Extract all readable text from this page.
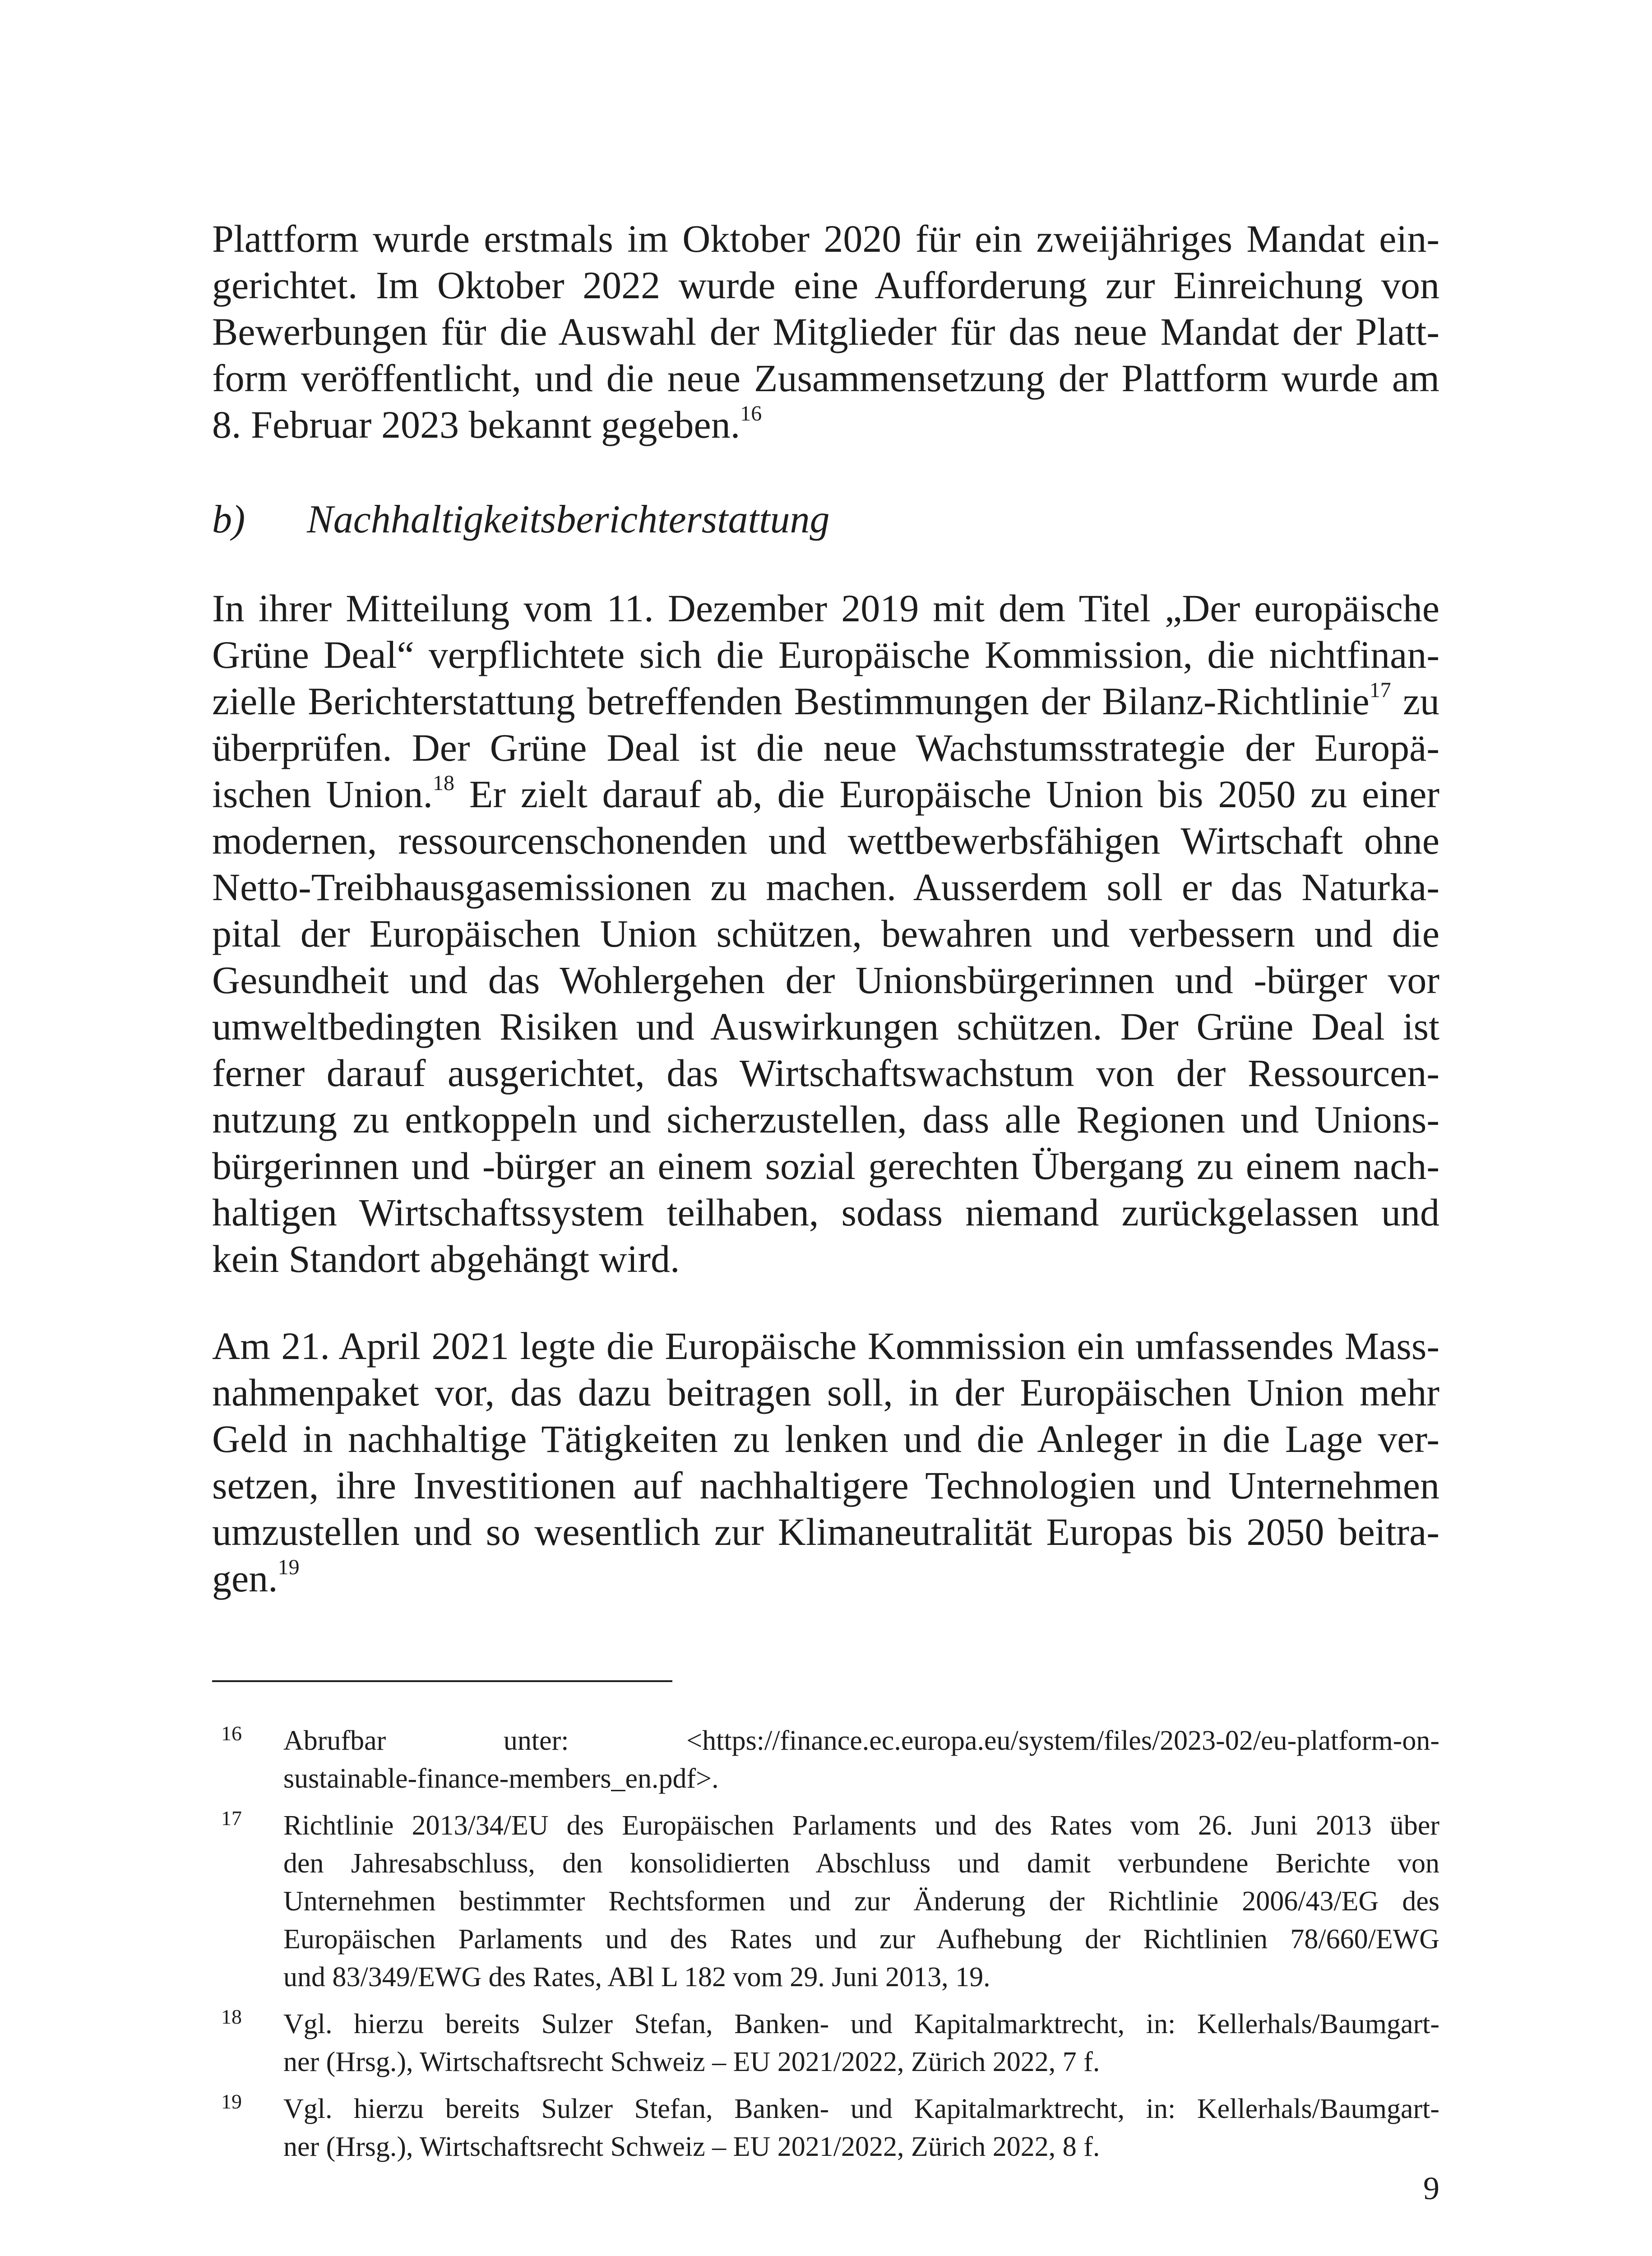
Plattform wurde erstmals im Oktober 2020 für ein zweijähriges Mandat ein-
gerichtet. Im Oktober 2022 wurde eine Aufforderung zur Einreichung von
Bewerbungen für die Auswahl der Mitglieder für das neue Mandat der Platt-
form veröffentlicht, und die neue Zusammensetzung der Plattform wurde am
8. Februar 2023 bekannt gegeben.$^{16}$
b) Nachhaltigkeitsberichterstattung
In ihrer Mitteilung vom 11. Dezember 2019 mit dem Titel „Der europäische
Grüne Deal“ verpflichtete sich die Europäische Kommission, die nichtfinan-
zielle Berichterstattung betreffenden Bestimmungen der Bilanz-Richtlinie$^{17}$ zu
überprüfen. Der Grüne Deal ist die neue Wachstumsstrategie der Europä-
ischen Union.$^{18}$ Er zielt darauf ab, die Europäische Union bis 2050 zu einer
modernen, ressourcenschonenden und wettbewerbsfähigen Wirtschaft ohne
Netto-Treibhausgasemissionen zu machen. Ausserdem soll er das Naturka-
pital der Europäischen Union schützen, bewahren und verbessern und die
Gesundheit und das Wohlergehen der Unionsbürgerinnen und -bürger vor
umweltbedingten Risiken und Auswirkungen schützen. Der Grüne Deal ist
ferner darauf ausgerichtet, das Wirtschaftswachstum von der Ressourcen-
nutzung zu entkoppeln und sicherzustellen, dass alle Regionen und Unions-
bürgerinnen und -bürger an einem sozial gerechten Übergang zu einem nach-
haltigen Wirtschaftssystem teilhaben, sodass niemand zurückgelassen und
kein Standort abgehängt wird.
Am 21. April 2021 legte die Europäische Kommission ein umfassendes Mass-
nahmenpaket vor, das dazu beitragen soll, in der Europäischen Union mehr
Geld in nachhaltige Tätigkeiten zu lenken und die Anleger in die Lage ver-
setzen, ihre Investitionen auf nachhaltigere Technologien und Unternehmen
umzustellen und so wesentlich zur Klimaneutralität Europas bis 2050 beitra-
gen.$^{19}$
16 Abrufbar unter: <https://finance.ec.europa.eu/system/files/2023-02/eu-platform-on-
sustainable-finance-members_en.pdf>.
17 Richtlinie 2013/34/EU des Europäischen Parlaments und des Rates vom 26. Juni 2013 über
den Jahresabschluss, den konsolidierten Abschluss und damit verbundene Berichte von
Unternehmen bestimmter Rechtsformen und zur Änderung der Richtlinie 2006/43/EG des
Europäischen Parlaments und des Rates und zur Aufhebung der Richtlinien 78/660/EWG
und 83/349/EWG des Rates, ABl L 182 vom 29. Juni 2013, 19.
18 Vgl. hierzu bereits Sulzer Stefan, Banken- und Kapitalmarktrecht, in: Kellerhals/Baumgart-
ner (Hrsg.), Wirtschaftsrecht Schweiz – EU 2021/2022, Zürich 2022, 7 f.
19 Vgl. hierzu bereits Sulzer Stefan, Banken- und Kapitalmarktrecht, in: Kellerhals/Baumgart-
ner (Hrsg.), Wirtschaftsrecht Schweiz – EU 2021/2022, Zürich 2022, 8 f.
9
